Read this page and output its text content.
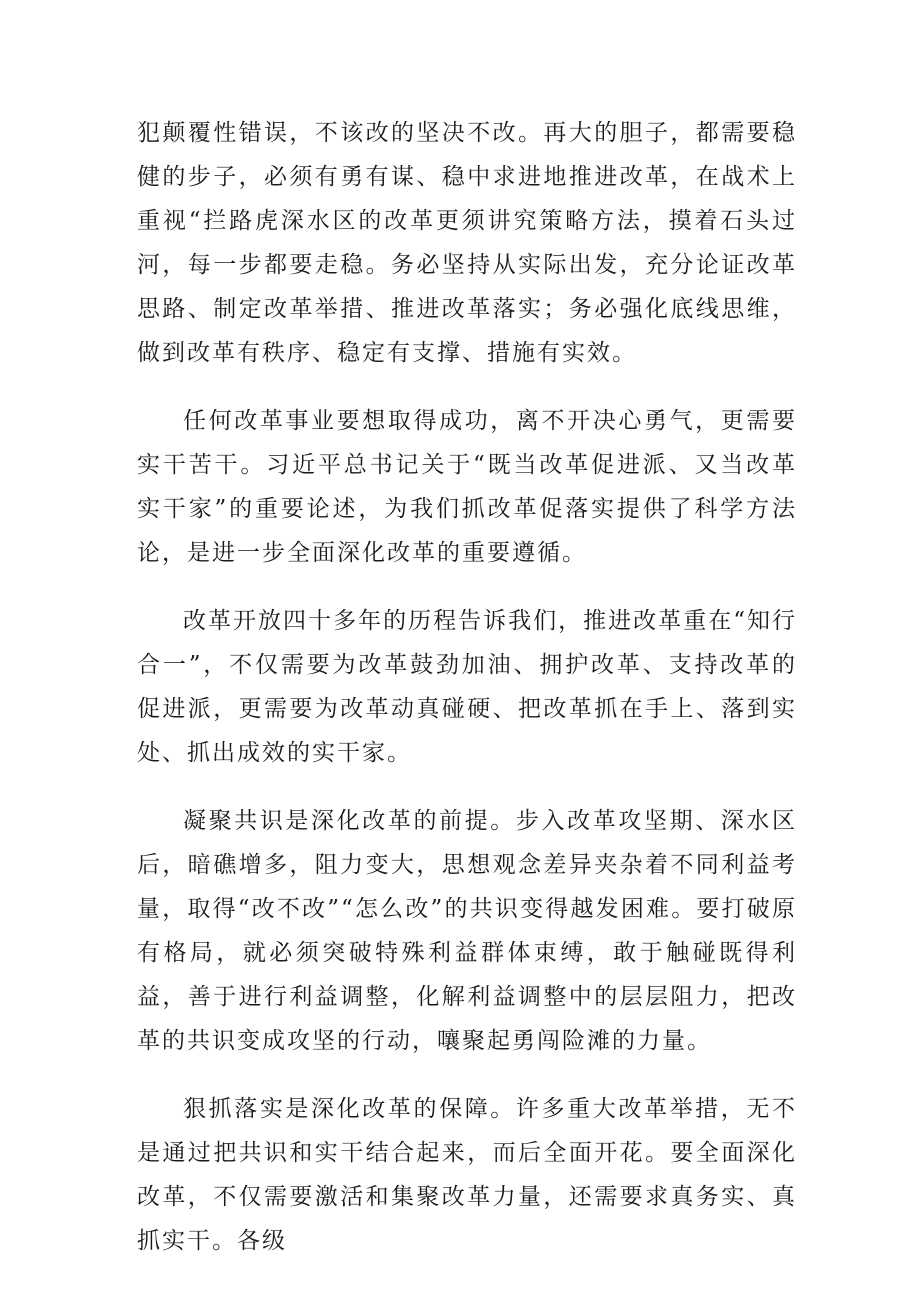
犯颠覆性错误，不该改的坚决不改。再大的胆子，都需要稳健的步子，必须有勇有谋、稳中求进地推进改革，在战术上重视“拦路虎深水区的改革更须讲究策略方法，摸着石头过河，每一步都要走稳。务必坚持从实际出发，充分论证改革思路、制定改革举措、推进改革落实；务必强化底线思维，做到改革有秩序、稳定有支撑、措施有实效。

任何改革事业要想取得成功，离不开决心勇气，更需要实干苦干。习近平总书记关于“既当改革促进派、又当改革实干家”的重要论述，为我们抓改革促落实提供了科学方法论，是进一步全面深化改革的重要遵循。

改革开放四十多年的历程告诉我们，推进改革重在“知行合一”，不仅需要为改革鼓劲加油、拥护改革、支持改革的促进派，更需要为改革动真碰硬、把改革抓在手上、落到实处、抓出成效的实干家。

凝聚共识是深化改革的前提。步入改革攻坚期、深水区后，暗礁增多，阻力变大，思想观念差异夹杂着不同利益考量，取得“改不改”“怎么改”的共识变得越发困难。要打破原有格局，就必须突破特殊利益群体束缚，敢于触碰既得利益，善于进行利益调整，化解利益调整中的层层阻力，把改革的共识变成攻坚的行动，嚷聚起勇闯险滩的力量。

狠抓落实是深化改革的保障。许多重大改革举措，无不是通过把共识和实干结合起来，而后全面开花。要全面深化改革，不仅需要激活和集聚改革力量，还需要求真务实、真抓实干。各级
